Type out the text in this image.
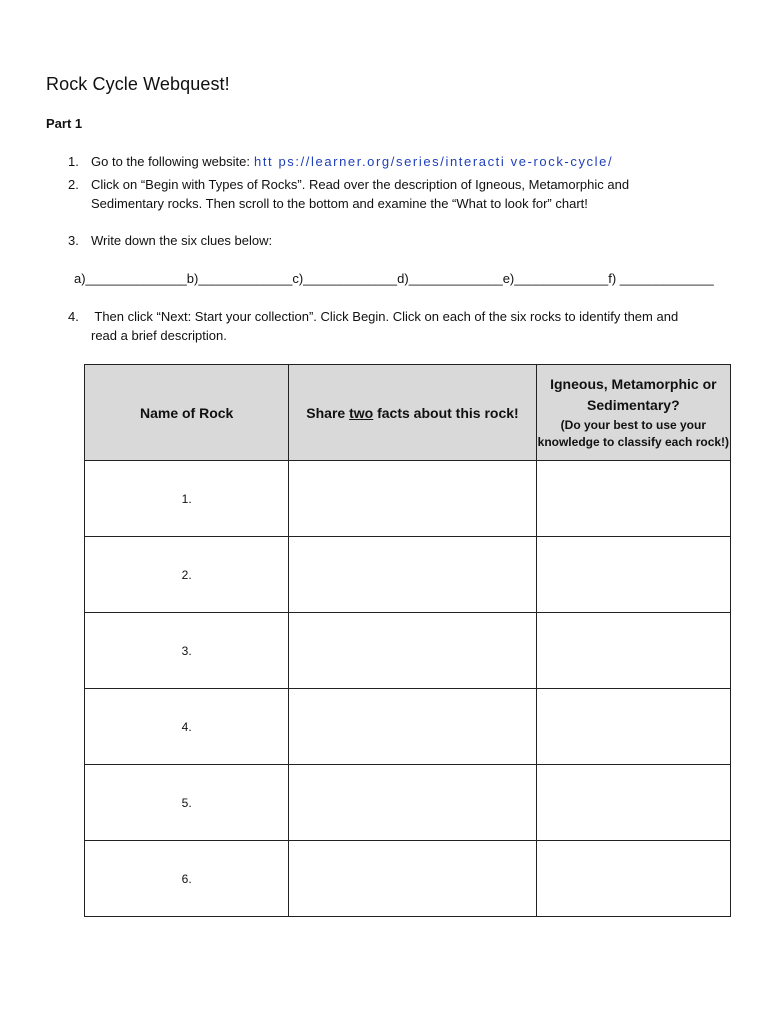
Rock Cycle Webquest!
Part 1
1. Go to the following website: htt ps://learner.org/series/interacti ve-rock-cycle/
2. Click on “Begin with Types of Rocks”. Read over the description of Igneous, Metamorphic and
Sedimentary rocks. Then scroll to the bottom and examine the “What to look for” chart!
3. Write down the six clues below:
a)______________b)_____________c)_____________d)_____________e)_____________f) _____________
4. Then click “Next: Start your collection”. Click Begin. Click on each of the six rocks to identify them and
read a brief description.
Name of Rock	Share two facts about this rock!	Igneous, Metamorphic or Sedimentary?
(Do your best to use your knowledge to classify each rock!)

1.		
2.		
3.		
4.		
5.		
6.		
